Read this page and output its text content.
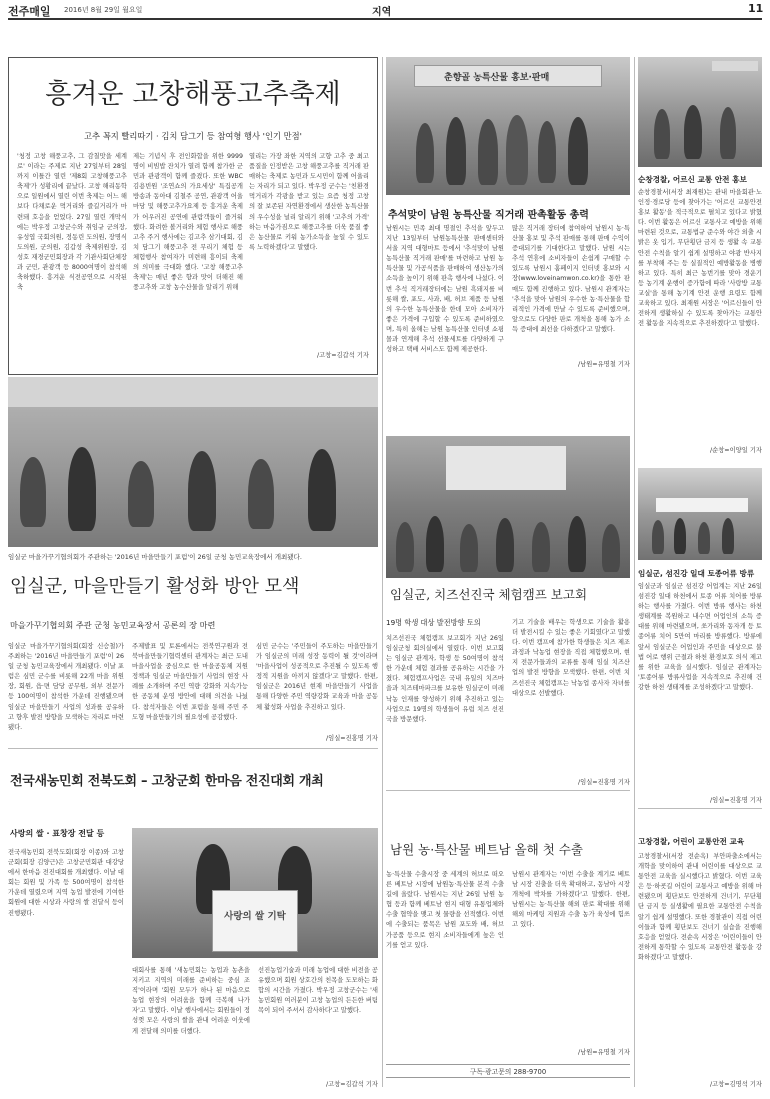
전주매일 2016년 8월 29일 월요일	지역	11
흥겨운 고창해풍고추축제
고추 꼭지 빨리따기 · 김치 담그기 등 참여형 행사 '인기 만점'
'청정 고창 해풍고추, 그 감칠맛을 세계로' 이라는 주제로 지난 27일부터 28일까지 이틀간 열린 '제8회 고창해풍고추축제'가 성황리에 끝났다. 고창 해리동학으로 일원에서 열린 이번 축제는 어느 해보다 다채로운 먹거리와 즐길거리가 마련돼 호응을 얻었다. 27일 열린 개막식에는 박우정 고창군수와 취임규 군의장, 유성엽 국회의원, 정동린 도의원, 장명식 도의원, 군의원, 김갑성 축제위원장, 김성호 재경군민회장과 각 기관사회단체장과 군민, 관광객 등 8000여명이 참석해 축하했다. 흥겨운 식전공연으로 시작된 축
제는 기념식 후 전인화합을 위한 9999명이 비빔밥 잔치가 열려 함께 참가한 군민과 관광객이 함께 즐겼다. 또한 WBC김용빈원 '조연쇼의 가요세상' 특집공개방송과 동아대 김철주 공연, 관광객 어울마당 및 해풍고추가요제 등 흥겨운 축제가 어우러진 공연에 관람객들이 즐거워했다. 화려한 볼거리와 체험 행사로 해풍고추 주거 행사에는 김고추 삼기대회, 김치 담그기 해풍고추 전 무리기 체험 등 체험행사 참여자가 미련해 흥이되 축제의 의미를 극대화 했다. '고창 해풍고추축제'는 매년 좋은 향과 맛이 더해진 해풍고추와 고창 농수산물을 알리기 위해
열리는 가장 좌한 지역의 고향 고추 중 최고 품질을 인정받은 고창 해풍고추를 직거래 판매하는 축제로 농민과 도시민이 함께 어울리는 자리가 되고 있다. 박우정 군수는 '친환경 먹거리가 각광을 받고 있는 요즘 청정 고창의 잘 보존된 자연환경에서 생산한 농특산물의 우수성을 널리 알리기 위해 '고추의 가격' 하는 마음가짐으로 해풍고추를 더욱 품질 좋은 농산물로 키워 농가소득을 높일 수 있도록 노력하겠다'고 말했다.
/고창=김갑석 기자
춘향골 농특산물 홍보·판매
추석맞이 남원 농특산물 직거래 판촉활동 총력
남원시는 민족 최대 명절인 추석을 앞두고 지난 13일부터 남원농특산물 판매센터와 서울 지역 대형마트 등에서 '추석맞이 남원 농특산물 직거래 판매'를 마련하고 남원 농특산물 및 가공식품을 판매하여 생산농가의 소득을 높이기 위해 판촉 행사에 나섰다. 이번 추석 직거래장터에는 남원 흑돼지를 비롯해 쌀, 포도, 사과, 배, 허브 제품 등 남원의 우수한 농특산물을 한데 모아 소비자가 좋은 가격에 구입할 수 있도록 준비하였으며, 특히 올해는 남원 농특산물 인터넷 쇼핑몰과 연계해 추석 선물세트를 다양하게 구성하고 택배 서비스도 함께 제공한다.
많은 직거래 장터에 참여하여 남원시 농·특산물 홍보 및 추석 판매를 통해 판매 수익이 증대되기를 기대한다고 말했다. 남원 시는 추석 연휴에 소비자들이 손쉽게 구매할 수 있도록 남원시 홈페이지 인터넷 홍보와 시장(www.loveinamwon.co.kr)을 통한 판매도 함께 진행하고 있다. 남원시 관계자는 '추석을 맞아 남원의 우수한 농·특산물을 합리적인 가격에 만날 수 있도록 준비했으며, 앞으로도 다양한 판로 개척을 통해 농가 소득 증대에 최선을 다하겠다'고 말했다.
/남원=유명철 기자
순창경찰, 어르신 교통 안전 홍보
순창경찰서(서장 최재원)는 관내 마을회관·노인정·경로당 등에 찾아가는 '어르신 교통안전 홍보 활동'을 적극적으로 펼치고 있다고 밝혔다. 이번 활동은 어르신 교통사고 예방을 위해 마련된 것으로, 교통법규 준수와 야간 외출 시 밝은 옷 입기, 무단횡단 금지 등 생활 속 교통안전 수칙을 알기 쉽게 설명하고 야광 반사지를 부착해 주는 등 실질적인 예방활동을 병행하고 있다. 특히 최근 농번기를 맞아 경운기 등 농기계 운행이 증가함에 따라 '사랑방 교통교실'을 통해 농기계 안전 운행 요령도 함께 교육하고 있다. 최재원 서장은 '어르신들이 안전하게 생활하실 수 있도록 찾아가는 교통안전 활동을 지속적으로 추진하겠다'고 말했다.
/순창=이양일 기자
임실군 마을가꾸기협의회가 주관하는 '2016년 마을만들기 포럼'이 26일 군청 농민교육장에서 개최됐다.
임실군, 마을만들기 활성화 방안 모색
마을가꾸기협의회 주관 군청 농민교육장서 공론의 장 마련
임실군 마을가꾸기협의회(회장 신승철)가 주최하는 '2016년 마을만들기 포럼'이 26일 군청 농민교육장에서 개최됐다. 이날 포럼은 심민 군수를 비롯해 22개 마을 위원장, 회원, 읍·면 담당 공무원, 외부 전문가 등 100여명이 참석한 가운데 진행됐으며 임실군 마을만들기 사업의 성과를 공유하고 향후 발전 방향을 모색하는 자리로 마련됐다.
주제발표 및 토론에서는 전북연구원과 전북마을만들기협력센터 관계자는 최근 도내 마을사업을 중심으로 한 마을공동체 지원 정책과 임실군 마을만들기 사업의 현장 사례를 소개하며 주민 역량 강화와 지속가능한 공동체 운영 방안에 대해 의견을 나눴다. 참석자들은 이번 포럼을 통해 주민 주도형 마을만들기의 필요성에 공감했다.
심민 군수는 '주민들이 주도하는 마을만들기가 임실군의 미래 성장 동력이 될 것'이라며 '마을사업이 성공적으로 추진될 수 있도록 행정적 지원을 아끼지 않겠다'고 말했다. 한편, 임실군은 2016년 현재 마을만들기 사업을 통해 다양한 주민 역량강화 교육과 마을 공동체 활성화 사업을 추진하고 있다.
/임실=진홍명 기자
임실군, 치즈선진국 체험캠프 보고회
19명 학생 대상 발전방향 토의
치즈선진국 체험캠프 보고회가 지난 26일 임실군청 회의실에서 열렸다. 이번 보고회는 임실군 관계자, 학생 등 50여명이 참석한 가운데 체험 결과를 공유하는 시간을 가졌다. 체험캠프사업은 국내 유일의 치즈마을과 치즈테마파크를 보유한 임실군이 미래 낙농 인재를 양성하기 위해 추진하고 있는 사업으로 19명의 학생들이 유럽 치즈 선진국을 방문했다.
기고 기술을 배우는 학생으로 기술을 활용 더 발전시킬 수 있는 좋은 기회였다'고 말했다. 이번 캠프에 참가한 학생들은 치즈 제조 과정과 낙농업 현장을 직접 체험했으며, 현지 전문가들과의 교류를 통해 임실 치즈산업의 발전 방향을 모색했다. 한편, 이번 치즈선진국 체험캠프는 낙농업 종사자 자녀를 대상으로 선발했다.
/임실=진홍명 기자
임실군, 섬진강 일대 토종어류 방류
임실군과 임실군 섬진강 어업계는 지난 26일 섬진강 일대 하천에서 토종 어류 치어를 방류하는 행사를 가졌다. 이번 방류 행사는 하천 생태계를 복원하고 내수면 어업인의 소득 증대를 위해 마련됐으며, 쏘가리와 동자개 등 토종어류 치어 5만여 마리를 방류했다. 방류에 앞서 임실군은 어업인과 주민을 대상으로 불법 어로 행위 근절과 하천 환경보호 의식 제고를 위한 교육을 실시했다. 임실군 관계자는 '토종어류 방류사업을 지속적으로 추진해 건강한 하천 생태계를 조성하겠다'고 말했다.
/임실=진홍명 기자
전국새농민회 전북도회 – 고창군회 한마음 전진대회 개최
사랑의 쌀 · 표창장 전달 등
전국새농민회 전북도회(회장 이종)와 고창군회(회장 김양근)은 고창군민회관 대강당에서 한마음 전진대회를 개최했다. 이날 대회는 회원 및 가족 등 500여명이 참석한 가운데 열렸으며 지역 농업 발전에 기여한 회원에 대한 시상과 사랑의 쌀 전달식 등이 진행됐다.	사랑의 쌀 기탁
대회사를 통해 '새농민회는 농업과 농촌을 지키고 지역의 미래를 준비하는 중심 조직'이라며 '회원 모두가 하나 된 마음으로 농업 현장의 어려움을 함께 극복해 나가자'고 말했다. 이날 행사에서는 회원들이 정성껏 모은 사랑의 쌀을 관내 어려운 이웃에게 전달해 의미를 더했다.
선진농업기술과 미래 농업에 대한 비전을 공유했으며 회원 상호간의 친목을 도모하는 화합의 시간을 가졌다. 박우정 고창군수는 '새농민회원 여러분이 고창 농업의 든든한 버팀목이 되어 주셔서 감사하다'고 말했다.
/고창=김갑석 기자
남원 농·특산물 베트남 올해 첫 수출
농·특산물 수출시장 중 세계의 허브로 떠오른 베트남 시장에 남원농·특산물 본격 수출길에 올랐다. 남원시는 지난 26일 남원 농협 등과 함께 베트남 현지 대형 유통업체와 수출 협약을 맺고 첫 물량을 선적했다. 이번에 수출되는 품목은 남원 포도와 배, 허브 가공품 등으로 현지 소비자들에게 높은 인기를 얻고 있다.
남원시 관계자는 '이번 수출을 계기로 베트남 시장 진출을 더욱 확대하고, 동남아 시장 개척에 박차를 가하겠다'고 말했다. 한편, 남원시는 농·특산물 해외 판로 확대를 위해 해외 마케팅 지원과 수출 농가 육성에 힘쓰고 있다.
/남원=유명철 기자
구독·광고문의 288-9700
고창경찰, 어린이 교통안전 교육
고창경찰서(서장 전순옥) 부안파출소에서는 개학을 맞이하여 관내 어린이를 대상으로 교통안전 교육을 실시했다고 밝혔다. 이번 교육은 등·하굣길 어린이 교통사고 예방을 위해 마련됐으며 횡단보도 안전하게 건너기, 무단횡단 금지 등 실생활에 필요한 교통안전 수칙을 알기 쉽게 설명했다. 또한 경찰관이 직접 어린이들과 함께 횡단보도 건너기 실습을 진행해 호응을 얻었다. 전순옥 서장은 '어린이들이 안전하게 통학할 수 있도록 교통안전 활동을 강화하겠다'고 말했다.
/고창=김명석 기자
